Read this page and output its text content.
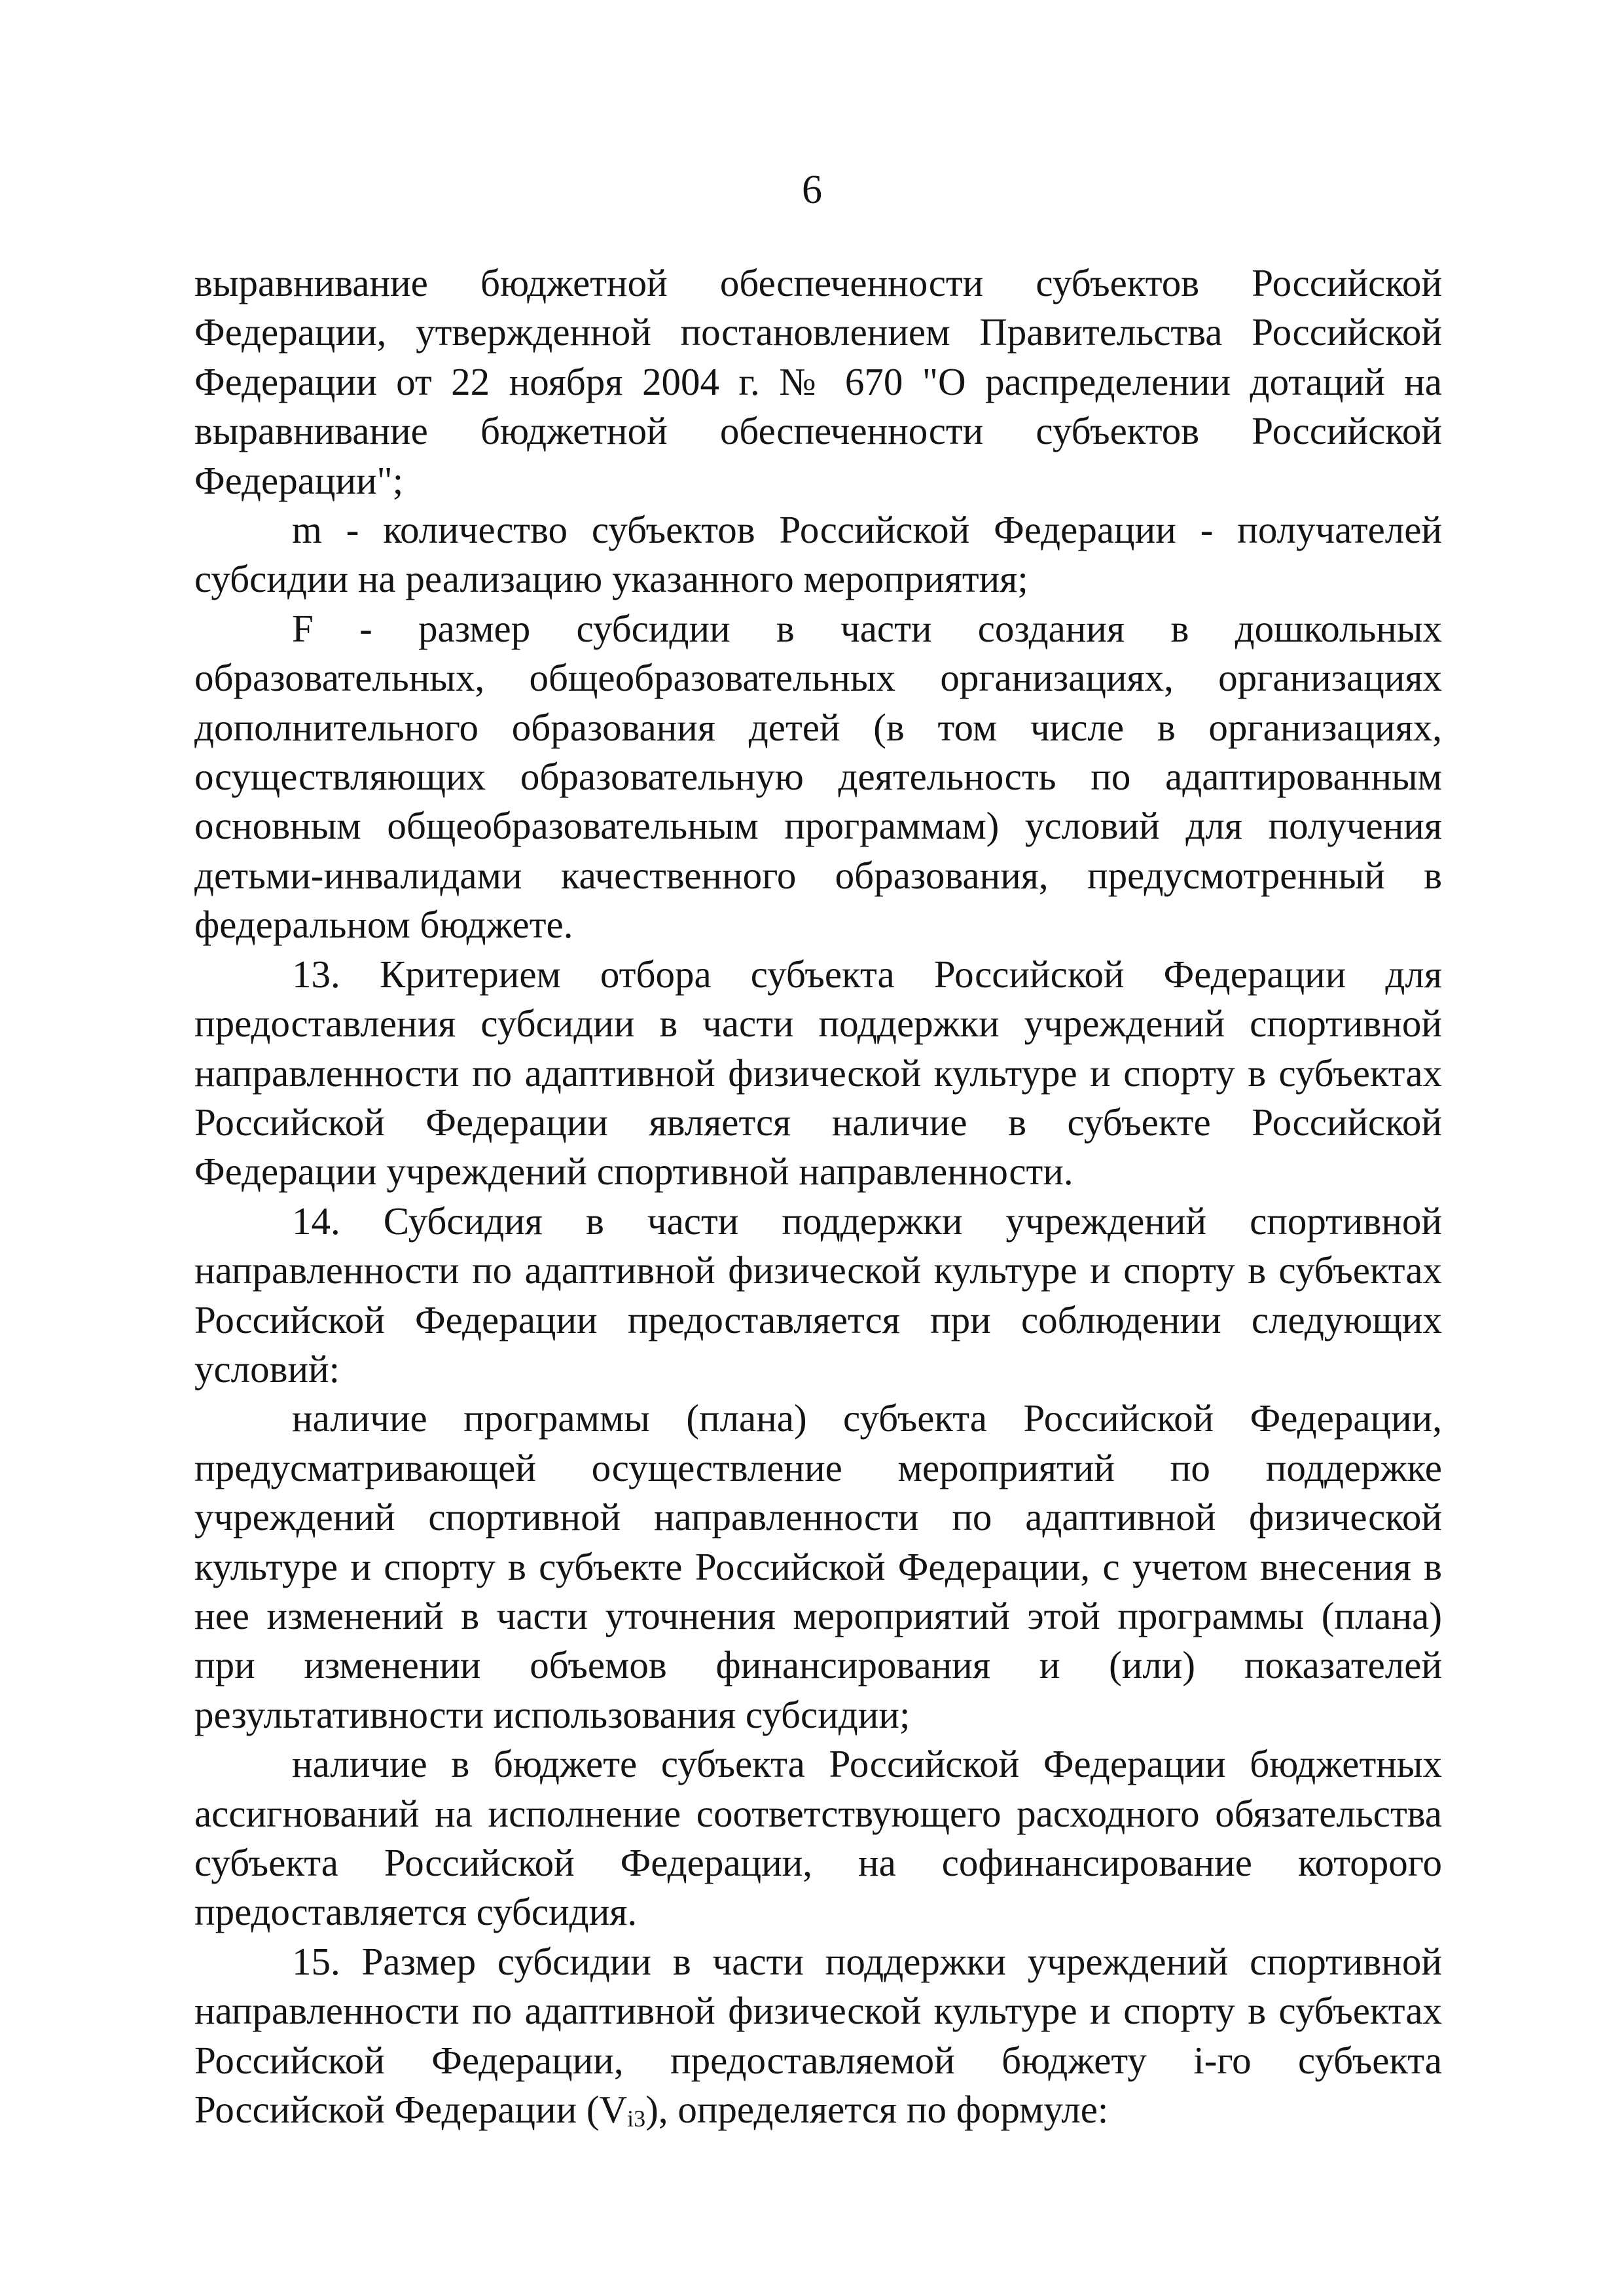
6

выравнивание бюджетной обеспеченности субъектов Российской Федерации, утвержденной постановлением Правительства Российской Федерации от 22 ноября 2004 г. № 670 "О распределении дотаций на выравнивание бюджетной обеспеченности субъектов Российской Федерации";

m - количество субъектов Российской Федерации - получателей субсидии на реализацию указанного мероприятия;

F - размер субсидии в части создания в дошкольных образовательных, общеобразовательных организациях, организациях дополнительного образования детей (в том числе в организациях, осуществляющих образовательную деятельность по адаптированным основным общеобразовательным программам) условий для получения детьми-инвалидами качественного образования, предусмотренный в федеральном бюджете.

13. Критерием отбора субъекта Российской Федерации для предоставления субсидии в части поддержки учреждений спортивной направленности по адаптивной физической культуре и спорту в субъектах Российской Федерации является наличие в субъекте Российской Федерации учреждений спортивной направленности.

14. Субсидия в части поддержки учреждений спортивной направленности по адаптивной физической культуре и спорту в субъектах Российской Федерации предоставляется при соблюдении следующих условий:

наличие программы (плана) субъекта Российской Федерации, предусматривающей осуществление мероприятий по поддержке учреждений спортивной направленности по адаптивной физической культуре и спорту в субъекте Российской Федерации, с учетом внесения в нее изменений в части уточнения мероприятий этой программы (плана) при изменении объемов финансирования и (или) показателей результативности использования субсидии;

наличие в бюджете субъекта Российской Федерации бюджетных ассигнований на исполнение соответствующего расходного обязательства субъекта Российской Федерации, на софинансирование которого предоставляется субсидия.

15. Размер субсидии в части поддержки учреждений спортивной направленности по адаптивной физической культуре и спорту в субъектах Российской Федерации, предоставляемой бюджету i-го субъекта Российской Федерации (Vi3), определяется по формуле:
